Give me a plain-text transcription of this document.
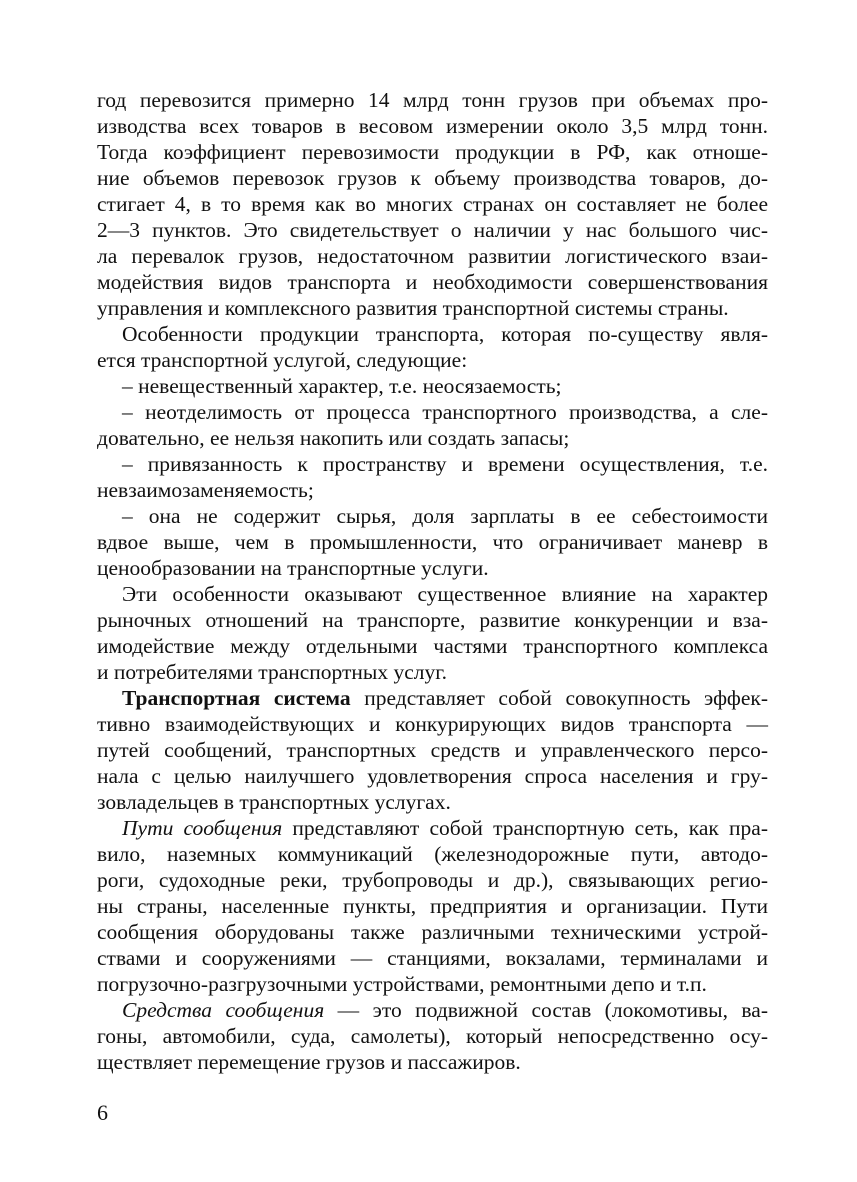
год перевозится примерно 14 млрд тонн грузов при объемах про-
изводства всех товаров в весовом измерении около 3,5 млрд тонн.
Тогда коэффициент перевозимости продукции в РФ, как отноше-
ние объемов перевозок грузов к объему производства товаров, до-
стигает 4, в то время как во многих странах он составляет не более
2—3 пунктов. Это свидетельствует о наличии у нас большого чис-
ла перевалок грузов, недостаточном развитии логистического взаи-
модействия видов транспорта и необходимости совершенствования
управления и комплексного развития транспортной системы страны.
Особенности продукции транспорта, которая по-существу явля-
ется транспортной услугой, следующие:
– невещественный характер, т.е. неосязаемость;
– неотделимость от процесса транспортного производства, а сле-
довательно, ее нельзя накопить или создать запасы;
– привязанность к пространству и времени осуществления, т.е.
невзаимозаменяемость;
– она не содержит сырья, доля зарплаты в ее себестоимости
вдвое выше, чем в промышленности, что ограничивает маневр в
ценообразовании на транспортные услуги.
Эти особенности оказывают существенное влияние на характер
рыночных отношений на транспорте, развитие конкуренции и вза-
имодействие между отдельными частями транспортного комплекса
и потребителями транспортных услуг.
Транспортная система представляет собой совокупность эффек-
тивно взаимодействующих и конкурирующих видов транспорта —
путей сообщений, транспортных средств и управленческого персо-
нала с целью наилучшего удовлетворения спроса населения и гру-
зовладельцев в транспортных услугах.
Пути сообщения представляют собой транспортную сеть, как пра-
вило, наземных коммуникаций (железнодорожные пути, автодо-
роги, судоходные реки, трубопроводы и др.), связывающих регио-
ны страны, населенные пункты, предприятия и организации. Пути
сообщения оборудованы также различными техническими устрой-
ствами и сооружениями — станциями, вокзалами, терминалами и
погрузочно-разгрузочными устройствами, ремонтными депо и т.п.
Средства сообщения — это подвижной состав (локомотивы, ва-
гоны, автомобили, суда, самолеты), который непосредственно осу-
ществляет перемещение грузов и пассажиров.
6
